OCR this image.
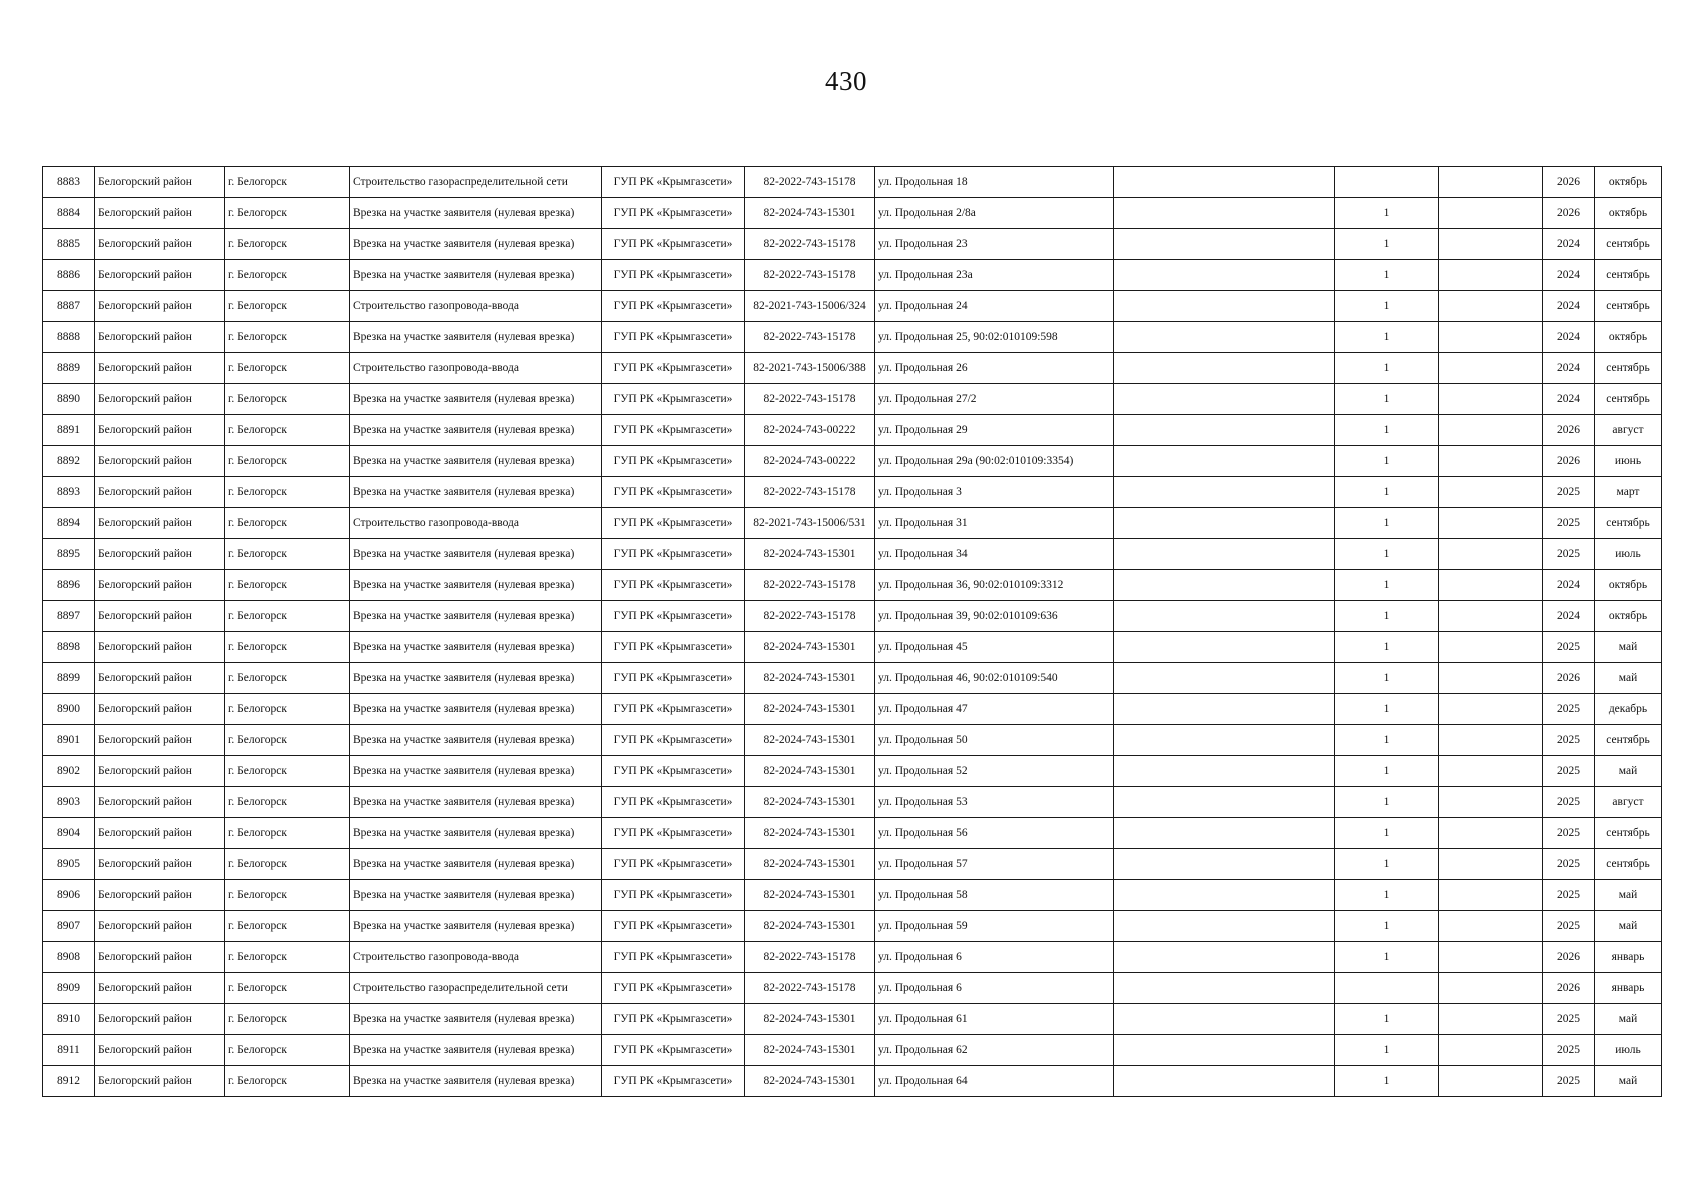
430
8883	Белогорский район	г. Белогорск	Строительство газораспределительной сети	ГУП РК «Крымгазсети»	82-2022-743-15178	ул. Продольная 18				2026	октябрь
8884	Белогорский район	г. Белогорск	Врезка на участке заявителя (нулевая врезка)	ГУП РК «Крымгазсети»	82-2024-743-15301	ул. Продольная 2/8а		1		2026	октябрь
8885	Белогорский район	г. Белогорск	Врезка на участке заявителя (нулевая врезка)	ГУП РК «Крымгазсети»	82-2022-743-15178	ул. Продольная 23		1		2024	сентябрь
8886	Белогорский район	г. Белогорск	Врезка на участке заявителя (нулевая врезка)	ГУП РК «Крымгазсети»	82-2022-743-15178	ул. Продольная 23а		1		2024	сентябрь
8887	Белогорский район	г. Белогорск	Строительство газопровода-ввода	ГУП РК «Крымгазсети»	82-2021-743-15006/324	ул. Продольная 24		1		2024	сентябрь
8888	Белогорский район	г. Белогорск	Врезка на участке заявителя (нулевая врезка)	ГУП РК «Крымгазсети»	82-2022-743-15178	ул. Продольная 25, 90:02:010109:598		1		2024	октябрь
8889	Белогорский район	г. Белогорск	Строительство газопровода-ввода	ГУП РК «Крымгазсети»	82-2021-743-15006/388	ул. Продольная 26		1		2024	сентябрь
8890	Белогорский район	г. Белогорск	Врезка на участке заявителя (нулевая врезка)	ГУП РК «Крымгазсети»	82-2022-743-15178	ул. Продольная 27/2		1		2024	сентябрь
8891	Белогорский район	г. Белогорск	Врезка на участке заявителя (нулевая врезка)	ГУП РК «Крымгазсети»	82-2024-743-00222	ул. Продольная 29		1		2026	август
8892	Белогорский район	г. Белогорск	Врезка на участке заявителя (нулевая врезка)	ГУП РК «Крымгазсети»	82-2024-743-00222	ул. Продольная 29а (90:02:010109:3354)		1		2026	июнь
8893	Белогорский район	г. Белогорск	Врезка на участке заявителя (нулевая врезка)	ГУП РК «Крымгазсети»	82-2022-743-15178	ул. Продольная 3		1		2025	март
8894	Белогорский район	г. Белогорск	Строительство газопровода-ввода	ГУП РК «Крымгазсети»	82-2021-743-15006/531	ул. Продольная 31		1		2025	сентябрь
8895	Белогорский район	г. Белогорск	Врезка на участке заявителя (нулевая врезка)	ГУП РК «Крымгазсети»	82-2024-743-15301	ул. Продольная 34		1		2025	июль
8896	Белогорский район	г. Белогорск	Врезка на участке заявителя (нулевая врезка)	ГУП РК «Крымгазсети»	82-2022-743-15178	ул. Продольная 36, 90:02:010109:3312		1		2024	октябрь
8897	Белогорский район	г. Белогорск	Врезка на участке заявителя (нулевая врезка)	ГУП РК «Крымгазсети»	82-2022-743-15178	ул. Продольная 39, 90:02:010109:636		1		2024	октябрь
8898	Белогорский район	г. Белогорск	Врезка на участке заявителя (нулевая врезка)	ГУП РК «Крымгазсети»	82-2024-743-15301	ул. Продольная 45		1		2025	май
8899	Белогорский район	г. Белогорск	Врезка на участке заявителя (нулевая врезка)	ГУП РК «Крымгазсети»	82-2024-743-15301	ул. Продольная 46, 90:02:010109:540		1		2026	май
8900	Белогорский район	г. Белогорск	Врезка на участке заявителя (нулевая врезка)	ГУП РК «Крымгазсети»	82-2024-743-15301	ул. Продольная 47		1		2025	декабрь
8901	Белогорский район	г. Белогорск	Врезка на участке заявителя (нулевая врезка)	ГУП РК «Крымгазсети»	82-2024-743-15301	ул. Продольная 50		1		2025	сентябрь
8902	Белогорский район	г. Белогорск	Врезка на участке заявителя (нулевая врезка)	ГУП РК «Крымгазсети»	82-2024-743-15301	ул. Продольная 52		1		2025	май
8903	Белогорский район	г. Белогорск	Врезка на участке заявителя (нулевая врезка)	ГУП РК «Крымгазсети»	82-2024-743-15301	ул. Продольная 53		1		2025	август
8904	Белогорский район	г. Белогорск	Врезка на участке заявителя (нулевая врезка)	ГУП РК «Крымгазсети»	82-2024-743-15301	ул. Продольная 56		1		2025	сентябрь
8905	Белогорский район	г. Белогорск	Врезка на участке заявителя (нулевая врезка)	ГУП РК «Крымгазсети»	82-2024-743-15301	ул. Продольная 57		1		2025	сентябрь
8906	Белогорский район	г. Белогорск	Врезка на участке заявителя (нулевая врезка)	ГУП РК «Крымгазсети»	82-2024-743-15301	ул. Продольная 58		1		2025	май
8907	Белогорский район	г. Белогорск	Врезка на участке заявителя (нулевая врезка)	ГУП РК «Крымгазсети»	82-2024-743-15301	ул. Продольная 59		1		2025	май
8908	Белогорский район	г. Белогорск	Строительство газопровода-ввода	ГУП РК «Крымгазсети»	82-2022-743-15178	ул. Продольная 6		1		2026	январь
8909	Белогорский район	г. Белогорск	Строительство газораспределительной сети	ГУП РК «Крымгазсети»	82-2022-743-15178	ул. Продольная 6				2026	январь
8910	Белогорский район	г. Белогорск	Врезка на участке заявителя (нулевая врезка)	ГУП РК «Крымгазсети»	82-2024-743-15301	ул. Продольная 61		1		2025	май
8911	Белогорский район	г. Белогорск	Врезка на участке заявителя (нулевая врезка)	ГУП РК «Крымгазсети»	82-2024-743-15301	ул. Продольная 62		1		2025	июль
8912	Белогорский район	г. Белогорск	Врезка на участке заявителя (нулевая врезка)	ГУП РК «Крымгазсети»	82-2024-743-15301	ул. Продольная 64		1		2025	май
